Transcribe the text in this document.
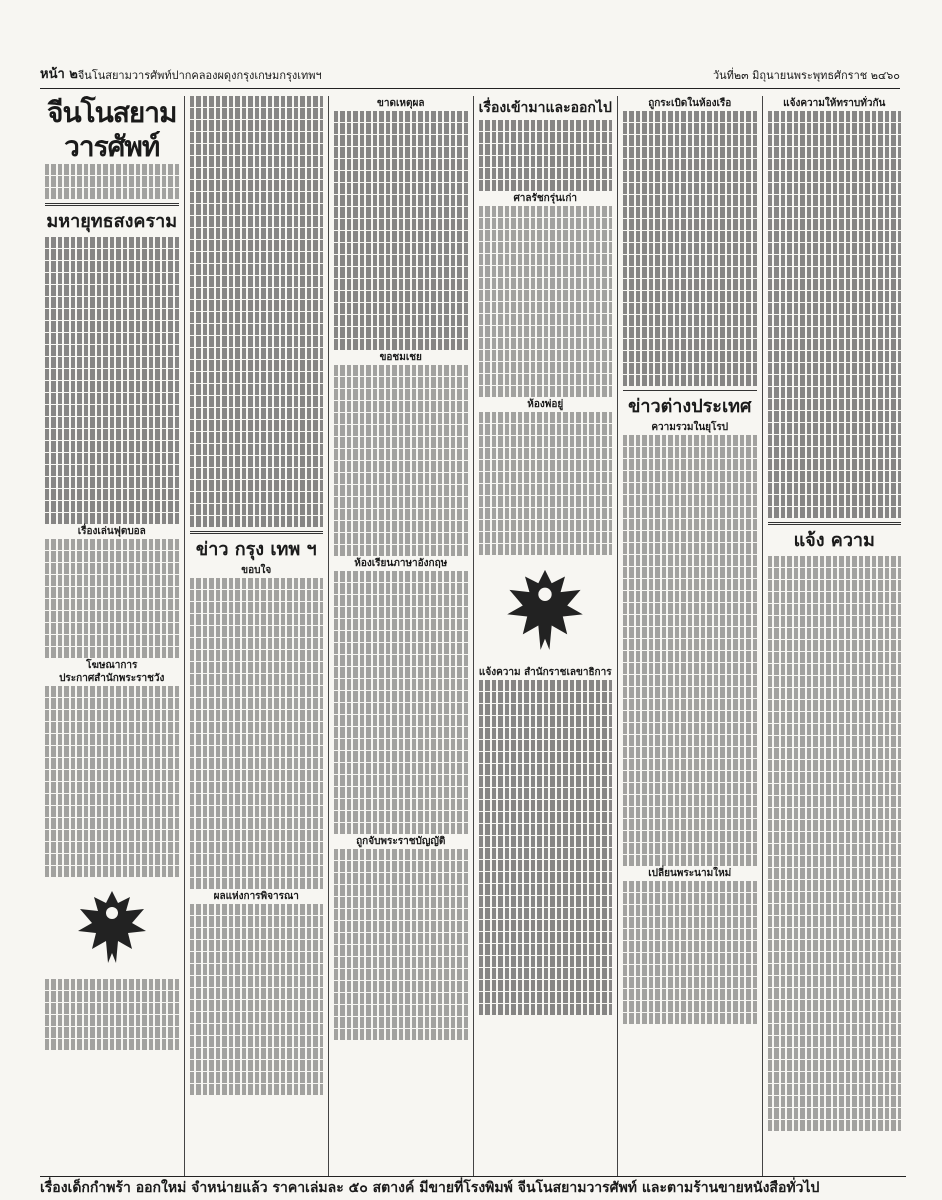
หน้า ๒ จีนโนสยามวารศัพท์ ปากคลองผดุงกรุงเกษม กรุงเทพฯ	วันที่ ๒๓ มิถุนายน พระพุทธศักราช ๒๔๖๐
จีนโนสยามวารศัพท์
มหายุทธสงคราม
เรื่องเล่นฟุตบอล
โฆษณาการ
ประกาศสำนักพระราชวัง
ข่าว กรุง เทพ ฯ
ขอบใจ
ผลแห่งการพิจารณา
ขาดเหตุผล
ขอชมเชย
ห้องเรียนภาษาอังกฤษ
ถูกจับพระราชบัญญัติ
เรื่องเข้ามาและออกไป
ศาลรัชกรุ่นเก่า
ห้องพ่อยู่
แจ้งความ สำนักราชเลขาธิการ
ถูกระเบิดในห้องเรือ
ข่าวต่างประเทศ
ความรวมในยุโรป
เปลี่ยนพระนามใหม่
แจ้งความให้ทราบทั่วกัน
แจ้ง ความ
เรื่องเด็กกำพร้า ออกใหม่ จำหน่ายแล้ว ราคาเล่มละ ๕๐ สตางค์ มีขายที่โรงพิมพ์ จีนโนสยามวารศัพท์ และตามร้านขายหนังสือทั่วไป
